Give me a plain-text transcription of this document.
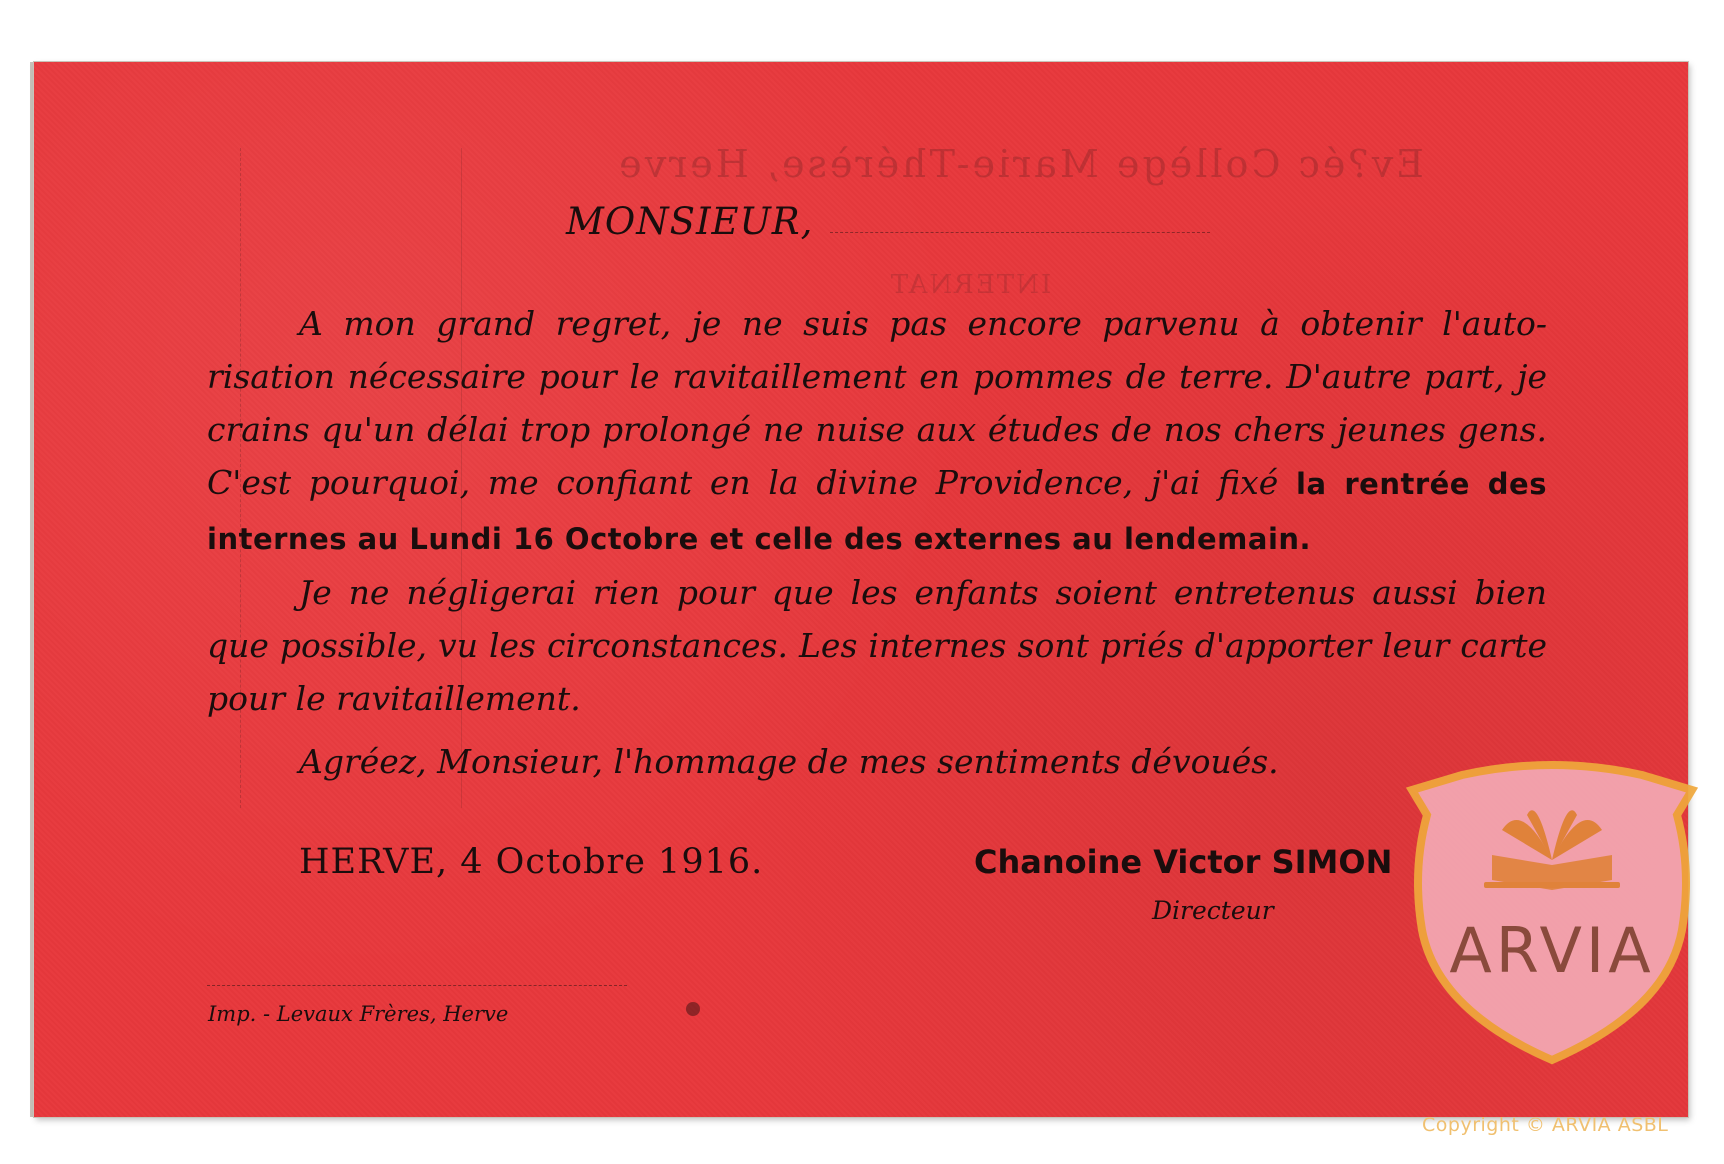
Ev?éc Collège Marie-Thérèse, Herve
INTERNAT
MONSIEUR,

A mon grand regret, je ne suis pas encore parvenu à obtenir l'auto- risation nécessaire pour le ravitaillement en pommes de terre. D'autre part, je crains qu'un délai trop prolongé ne nuise aux études de nos chers jeunes gens. C'est pourquoi, me confiant en la divine Providence, j'ai fixé la rentrée des internes au Lundi 16 Octobre et celle des externes au lendemain.

Je ne négligerai rien pour que les enfants soient entretenus aussi bien que possible, vu les circonstances. Les internes sont priés d'apporter leur carte pour le ravitaillement.

Agréez, Monsieur, l'hommage de mes sentiments dévoués.
HERVE, 4 Octobre 1916.	Chanoine Victor SIMON
Directeur
Imp. - Levaux Frères, Herve
ARVIA
Copyright © ARVIA ASBL
